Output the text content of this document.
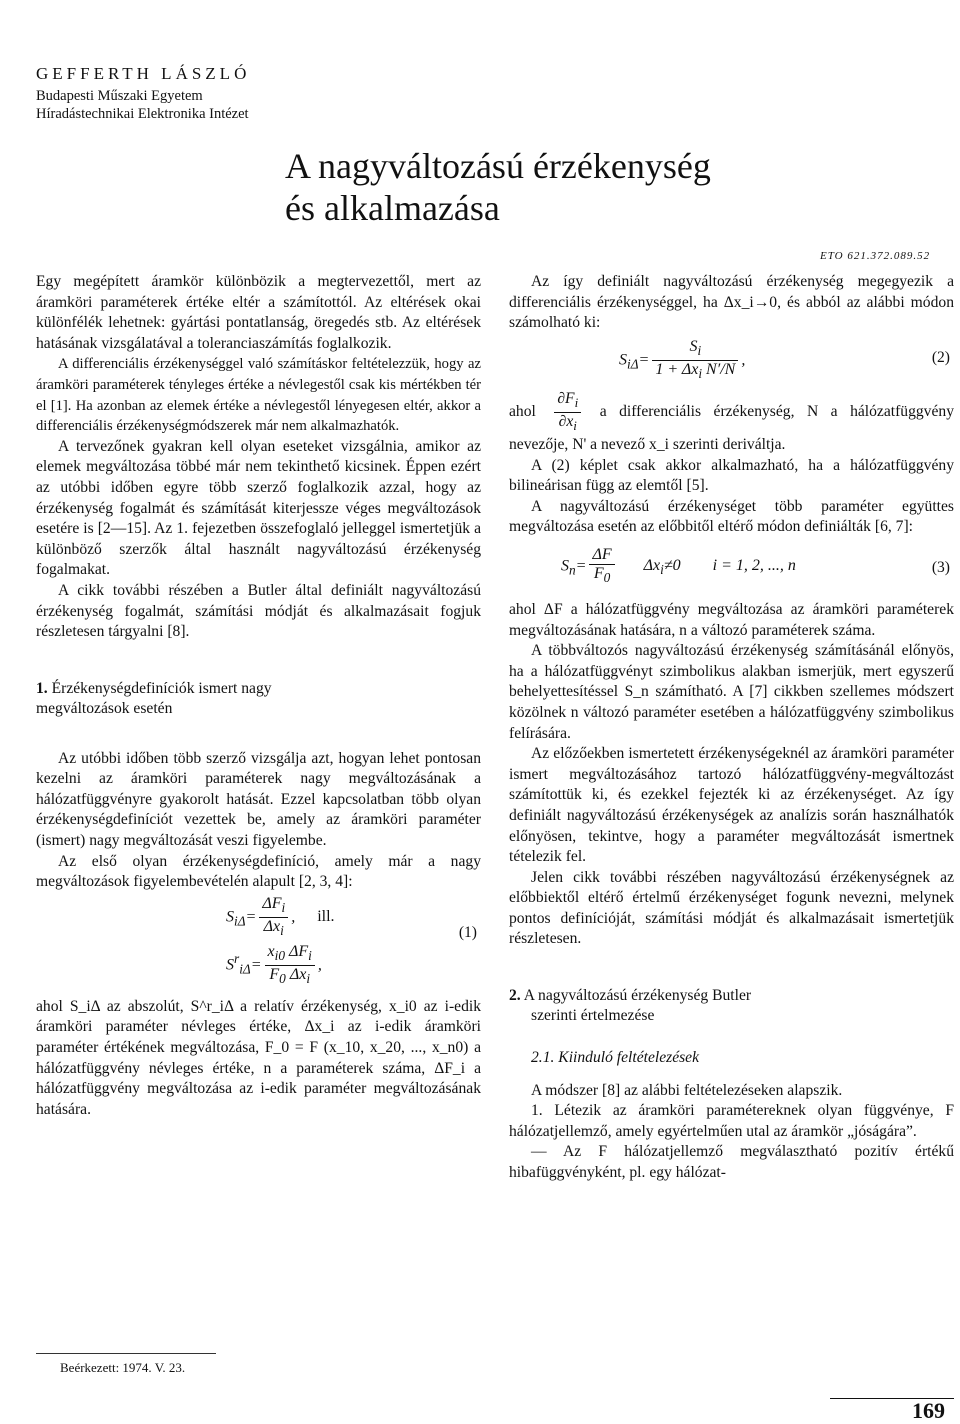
GEFFERTH LÁSZLÓ
Budapesti Műszaki Egyetem
Híradástechnikai Elektronika Intézet
A nagyváltozású érzékenység
és alkalmazása
ETO 621.372.089.52

Egy megépített áramkör különbözik a megtervezettől, mert az áramköri paraméterek értéke eltér a számítottól. Az eltérések okai különfélék lehetnek: gyártási pontatlanság, öregedés stb. Az eltérések hatásának vizsgálatával a toleranciaszámítás foglalkozik.

A differenciális érzékenységgel való számításkor feltételezzük, hogy az áramköri paraméterek tényleges értéke a névlegestől csak kis mértékben tér el [1]. Ha azonban az elemek értéke a névlegestől lényegesen eltér, akkor a differenciális érzékenységmódszerek már nem alkalmazhatók.

A tervezőnek gyakran kell olyan eseteket vizsgálnia, amikor az elemek megváltozása többé már nem tekinthető kicsinek. Éppen ezért az utóbbi időben egyre több szerző foglalkozik azzal, hogy az érzékenység fogalmát és számítását kiterjessze véges megváltozások esetére is [2—15]. Az 1. fejezetben összefoglaló jelleggel ismertetjük a különböző szerzők által használt nagyváltozású érzékenység fogalmakat.

A cikk további részében a Butler által definiált nagyváltozású érzékenység fogalmát, számítási módját és alkalmazásait fogjuk részletesen tárgyalni [8].

1. Érzékenységdefiníciók ismert nagy
megváltozások esetén

Az utóbbi időben több szerző vizsgálja azt, hogyan lehet pontosan kezelni az áramköri paraméterek nagy megváltozásának a hálózatfüggvényre gyakorolt hatását. Ezzel kapcsolatban több olyan érzékenységdefiníciót vezettek be, amely az áramköri paraméter (ismert) nagy megváltozását veszi figyelembe.

Az első olyan érzékenységdefiníció, amely már a nagy megváltozások figyelembevételén alapult [2, 3, 4]:

$S_{i\Delta}= \frac{\Delta F_i}{\Delta x_i}$ , ill.
$S^r_{i\Delta}= \frac{x_{i0} \Delta F_i}{F_0 \Delta x_i}$ ,
(1)

ahol S_iΔ az abszolút, S^r_iΔ a relatív érzékenység, x_i0 az i-edik áramköri paraméter névleges értéke, Δx_i az i-edik áramköri paraméter értékének megváltozása, F_0 = F (x_10, x_20, ..., x_n0) a hálózatfüggvény névleges értéke, n a paraméterek száma, ΔF_i a hálózatfüggvény megváltozása az i-edik paraméter megváltozásának hatására.

Az így definiált nagyváltozású érzékenység megegyezik a differenciális érzékenységgel, ha Δx_i→0, és abból az alábbi módon számolható ki:

$S_{i\Delta}= \frac{S_i}{1 + \Delta x_i N'/N}$ ,	(2)

ahol $\frac{\partial F_i}{\partial x_i}$ a differenciális érzékenység, N a hálózatfüggvény nevezője, N' a nevező x_i szerinti deriváltja.

A (2) képlet csak akkor alkalmazható, ha a hálózatfüggvény bilineárisan függ az elemtől [5].

A nagyváltozású érzékenységet több paraméter együttes megváltozása esetén az előbbitől eltérő módon definiálták [6, 7]:

$S_n= \frac{\Delta F}{F_0} \Delta x_i\ne 0$ i = 1, 2, ..., n	(3)

ahol ΔF a hálózatfüggvény megváltozása az áramköri paraméterek megváltozásának hatására, n a változó paraméterek száma.

A többváltozós nagyváltozású érzékenység számításánál előnyös, ha a hálózatfüggvényt szimbolikus alakban ismerjük, mert egyszerű behelyettesítéssel S_n számítható. A [7] cikkben szellemes módszert közölnek n változó paraméter esetében a hálózatfüggvény szimbolikus felírására.

Az előzőekben ismertetett érzékenységeknél az áramköri paraméter ismert megváltozásához tartozó hálózatfüggvény-megváltozást számítottük ki, és ezekkel fejezték ki az érzékenységet. Az így definiált nagyváltozású érzékenységek az analízis során használhatók előnyösen, tekintve, hogy a paraméter megváltozását ismertnek tételezik fel.

Jelen cikk további részében nagyváltozású érzékenységnek az előbbiektől eltérő értelmű érzékenységet fogunk nevezni, melynek pontos definícióját, számítási módját és alkalmazásait ismertetjük részletesen.

2. A nagyváltozású érzékenység Butler
szerinti értelmezése

2.1. Kiinduló feltételezések

A módszer [8] az alábbi feltételezéseken alapszik.

1. Létezik az áramköri paramétereknek olyan függvénye, F hálózatjellemző, amely egyértelműen utal az áramkör „jóságára”.

— Az F hálózatjellemző megválasztható pozitív értékű hibafüggvényként, pl. egy hálózat-

Beérkezett: 1974. V. 23.
169
